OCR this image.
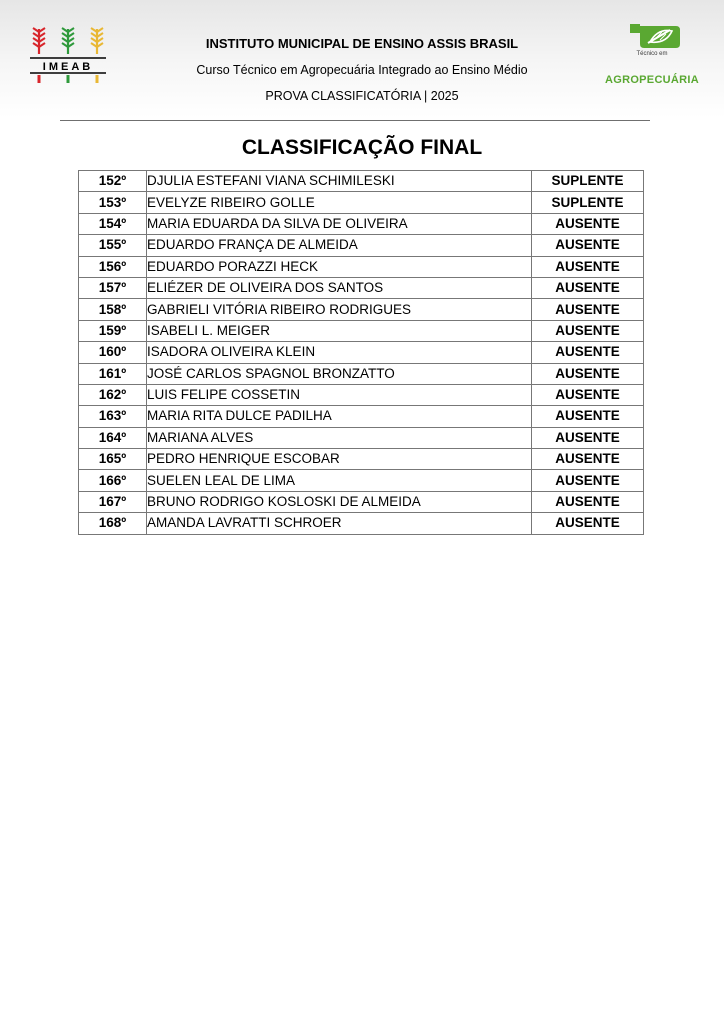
IMEAB
Técnico em
AGROPECUÁRIA
INSTITUTO MUNICIPAL DE ENSINO ASSIS BRASIL
Curso Técnico em Agropecuária Integrado ao Ensino Médio
PROVA CLASSIFICATÓRIA | 2025
CLASSIFICAÇÃO FINAL
152º	DJULIA ESTEFANI VIANA SCHIMILESKI	SUPLENTE
153º	EVELYZE RIBEIRO GOLLE	SUPLENTE
154º	MARIA EDUARDA DA SILVA DE OLIVEIRA	AUSENTE
155º	EDUARDO FRANÇA DE ALMEIDA	AUSENTE
156º	EDUARDO PORAZZI HECK	AUSENTE
157º	ELIÉZER DE OLIVEIRA DOS SANTOS	AUSENTE
158º	GABRIELI VITÓRIA RIBEIRO RODRIGUES	AUSENTE
159º	ISABELI L. MEIGER	AUSENTE
160º	ISADORA OLIVEIRA KLEIN	AUSENTE
161º	JOSÉ CARLOS SPAGNOL BRONZATTO	AUSENTE
162º	LUIS FELIPE COSSETIN	AUSENTE
163º	MARIA RITA DULCE PADILHA	AUSENTE
164º	MARIANA ALVES	AUSENTE
165º	PEDRO HENRIQUE ESCOBAR	AUSENTE
166º	SUELEN LEAL DE LIMA	AUSENTE
167º	BRUNO RODRIGO KOSLOSKI DE ALMEIDA	AUSENTE
168º	AMANDA LAVRATTI SCHROER	AUSENTE
